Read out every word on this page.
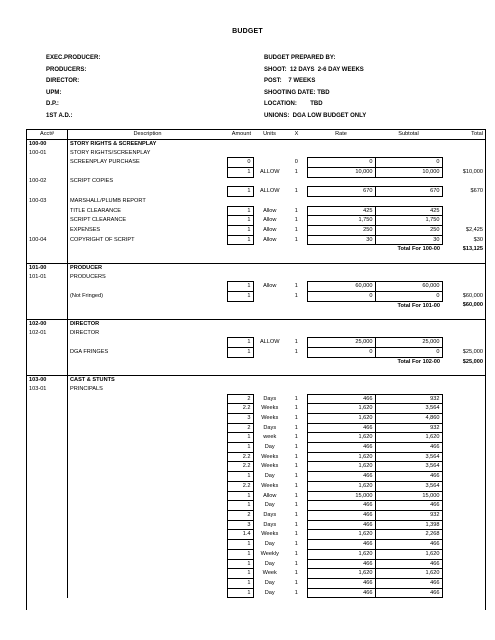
BUDGET
EXEC.PRODUCER:
PRODUCERS:
DIRECTOR:
UPM:
D.P.:
1ST A.D.:
BUDGET PREPARED BY:
SHOOT:  12 DAYS  2-6 DAY WEEKS
POST:    7 WEEKS
SHOOTING DATE: TBD
LOCATION:        TBD
UNIONS:  DGA LOW BUDGET ONLY
Acct#	Description	Amount	Units	X	Rate	Subtotal	Total
100-00	STORY RIGHTS & SCREENPLAY						
100-01	STORY RIGHTS/SCREENPLAY						
	SCREENPLAY PURCHASE	0		0	0	0	
		1	ALLOW	1	10,000	10,000	$10,000
100-02	SCRIPT COPIES						
		1	ALLOW	1	670	670	$670
100-03	MARSHALL/PLUMB REPORT						
	TITLE CLEARANCE	1	Allow	1	425	425	
	SCRIPT CLEARANCE	1	Allow	1	1,750	1,750	
	EXPENSES	1	Allow	1	250	250	$2,425
100-04	COPYRIGHT OF SCRIPT	1	Allow	1	30	30	$30
	Total For 100-00						$13,125

101-00	PRODUCER						
101-01	PRODUCERS						
		1	Allow	1	60,000	60,000	
	(Not Fringed)	1		1	0	0	$60,000
	Total For 101-00						$60,000

102-00	DIRECTOR						
102-01	DIRECTOR						
		1	ALLOW	1	25,000	25,000	
	DGA FRINGES	1		1	0	0	$25,000
	Total For 102-00						$25,000

103-00	CAST & STUNTS						
103-01	PRINCIPALS						
		2	Days	1	466	932	
		2.2	Weeks	1	1,620	3,564	
		3	Weeks	1	1,620	4,860	
		2	Days	1	466	932	
		1	week	1	1,620	1,620	
		1	Day	1	466	466	
		2.2	Weeks	1	1,620	3,564	
		2.2	Weeks	1	1,620	3,564	
		1	Day	1	466	466	
		2.2	Weeks	1	1,620	3,564	
		1	Allow	1	15,000	15,000	
		1	Day	1	466	466	
		2	Days	1	466	932	
		3	Days	1	466	1,398	
		1.4	Weeks	1	1,620	2,268	
		1	Day	1	466	466	
		1	Weekly	1	1,620	1,620	
		1	Day	1	466	466	
		1	Week	1	1,620	1,620	
		1	Day	1	466	466	
		1	Day	1	466	466	
